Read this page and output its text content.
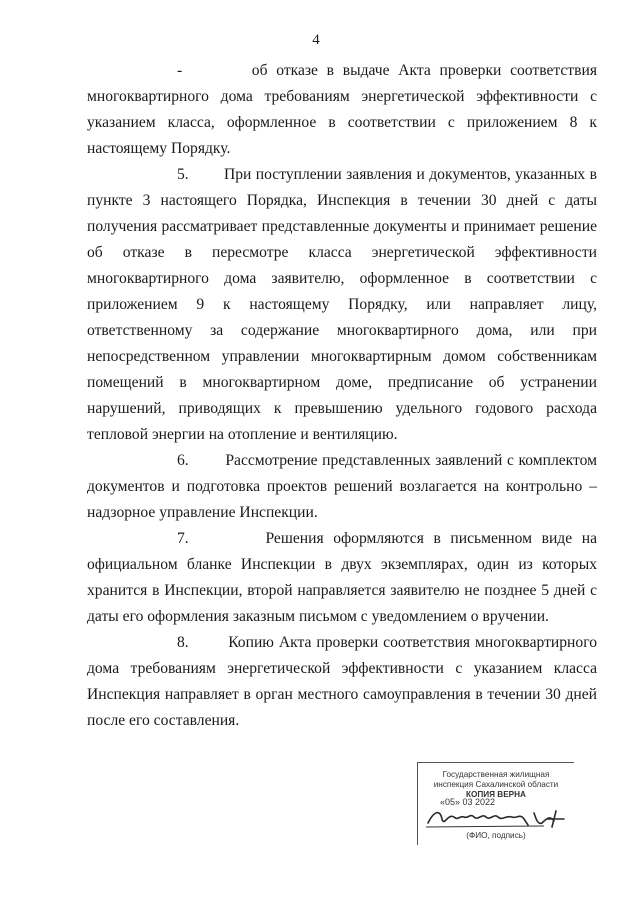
4

-	об отказе в выдаче Акта проверки соответствия многоквартирного дома требованиям энергетической эффективности с указанием класса, оформленное в соответствии с приложением 8 к настоящему Порядку.

5. При поступлении заявления и документов, указанных в пункте 3 настоящего Порядка, Инспекция в течении 30 дней с даты получения рассматривает представленные документы и принимает решение об отказе в пересмотре класса энергетической эффективности многоквартирного дома заявителю, оформленное в соответствии с приложением 9 к настоящему Порядку, или направляет лицу, ответственному за содержание многоквартирного дома, или при непосредственном управлении многоквартирным домом собственникам помещений в многоквартирном доме, предписание об устранении нарушений, приводящих к превышению удельного годового расхода тепловой энергии на отопление и вентиляцию.

6. Рассмотрение представленных заявлений с комплектом документов и подготовка проектов решений возлагается на контрольно – надзорное управление Инспекции.

7.	Решения оформляются в письменном виде на официальном бланке Инспекции в двух экземплярах, один из которых хранится в Инспекции, второй направляется заявителю не позднее 5 дней с даты его оформления заказным письмом с уведомлением о вручении.

8.	Копию Акта проверки соответствия многоквартирного дома требованиям энергетической эффективности с указанием класса Инспекция направляет в орган местного самоуправления в течении 30 дней после его составления.

Государственная жилищная
инспекция Сахалинской области
КОПИЯ ВЕРНА
«05» 03 2022
(ФИО, подпись)
